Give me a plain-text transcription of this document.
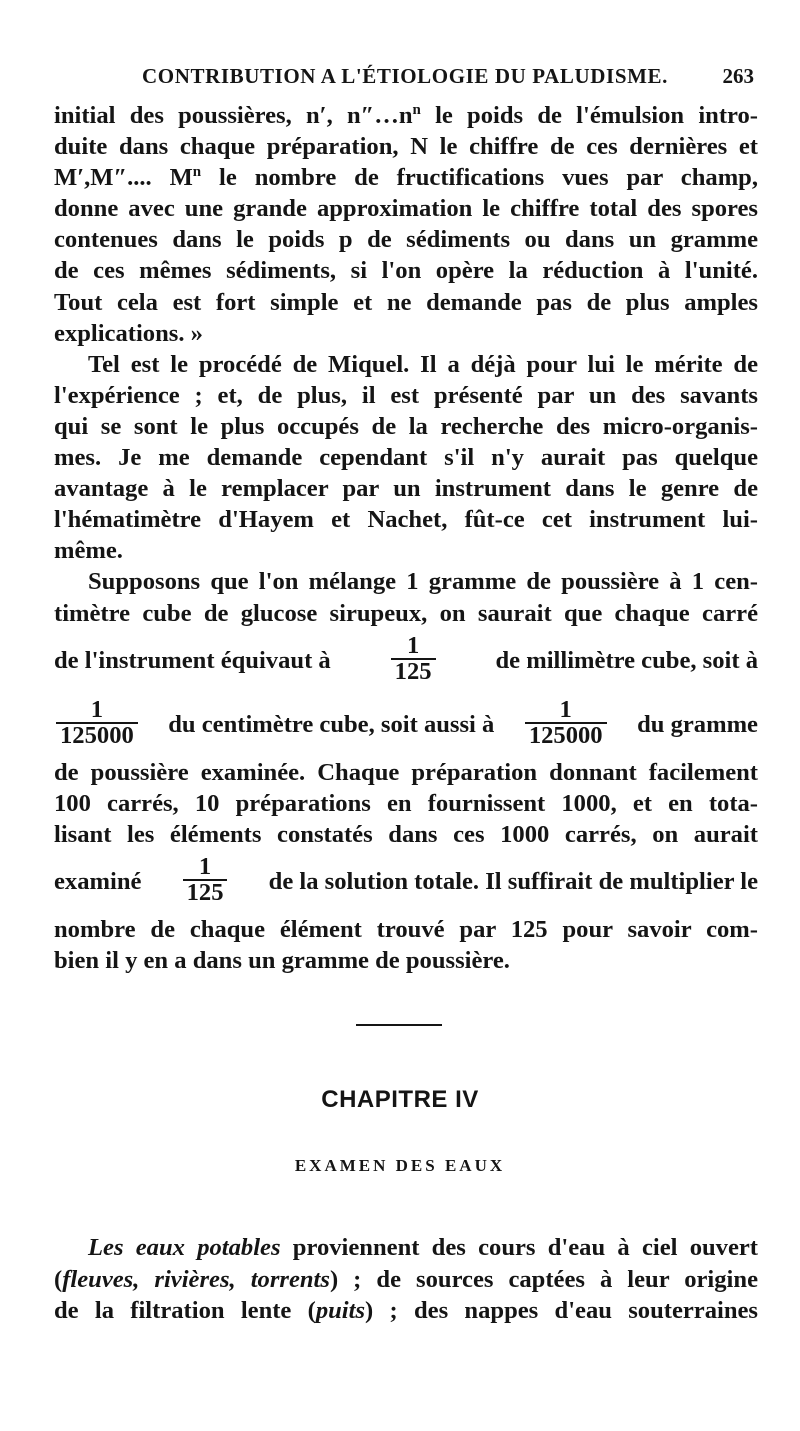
CONTRIBUTION A L'ÉTIOLOGIE DU PALUDISME.	263

initial des poussières, n′, $n''\dots n^n$ le poids de l'émulsion intro-

duite dans chaque préparation, N le chiffre de ces dernières et

M′,M″.... $M^n$ le nombre de fructifications vues par champ,

donne avec une grande approximation le chiffre total des spores

contenues dans le poids p de sédiments ou dans un gramme

de ces mêmes sédiments, si l'on opère la réduction à l'unité.

Tout cela est fort simple et ne demande pas de plus amples

explications. »

Tel est le procédé de Miquel. Il a déjà pour lui le mérite de

l'expérience ; et, de plus, il est présenté par un des savants

qui se sont le plus occupés de la recherche des micro-organis-

mes. Je me demande cependant s'il n'y aurait pas quelque

avantage à le remplacer par un instrument dans le genre de

l'hématimètre d'Hayem et Nachet, fût-ce cet instrument lui-

même.

Supposons que l'on mélange 1 gramme de poussière à 1 cen-

timètre cube de glucose sirupeux, on saurait que chaque carré

de l'instrument équivaut à $\frac{1}{125}$ de millimètre cube, soit à

$\frac{1}{125000}$ du centimètre cube, soit aussi à $\frac{1}{125000}$ du gramme

de poussière examinée. Chaque préparation donnant facilement

100 carrés, 10 préparations en fournissent 1000, et en tota-

lisant les éléments constatés dans ces 1000 carrés, on aurait

examiné $\frac{1}{125}$ de la solution totale. Il suffirait de multiplier le

nombre de chaque élément trouvé par 125 pour savoir com-

bien il y en a dans un gramme de poussière.

CHAPITRE IV
EXAMEN DES EAUX

Les eaux potables proviennent des cours d'eau à ciel ouvert

(fleuves, rivières, torrents) ; de sources captées à leur origine

de la filtration lente (puits) ; des nappes d'eau souterraines
